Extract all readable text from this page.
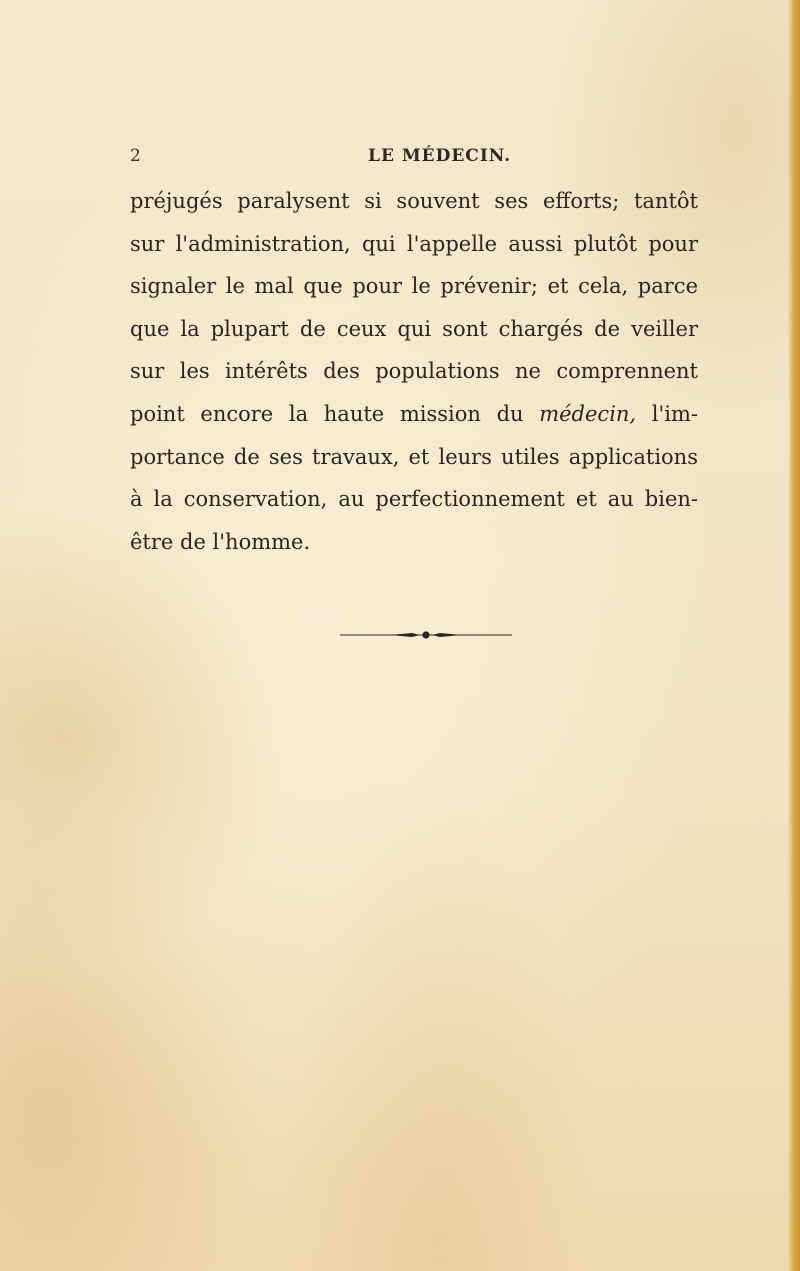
2	LE MÉDECIN.
préjugés paralysent si souvent ses efforts; tantôt
sur l'administration, qui l'appelle aussi plutôt pour
signaler le mal que pour le prévenir; et cela, parce
que la plupart de ceux qui sont chargés de veiller
sur les intérêts des populations ne comprennent
point encore la haute mission du médecin, l'im-
portance de ses travaux, et leurs utiles applications
à la conservation, au perfectionnement et au bien-
être de l'homme.
